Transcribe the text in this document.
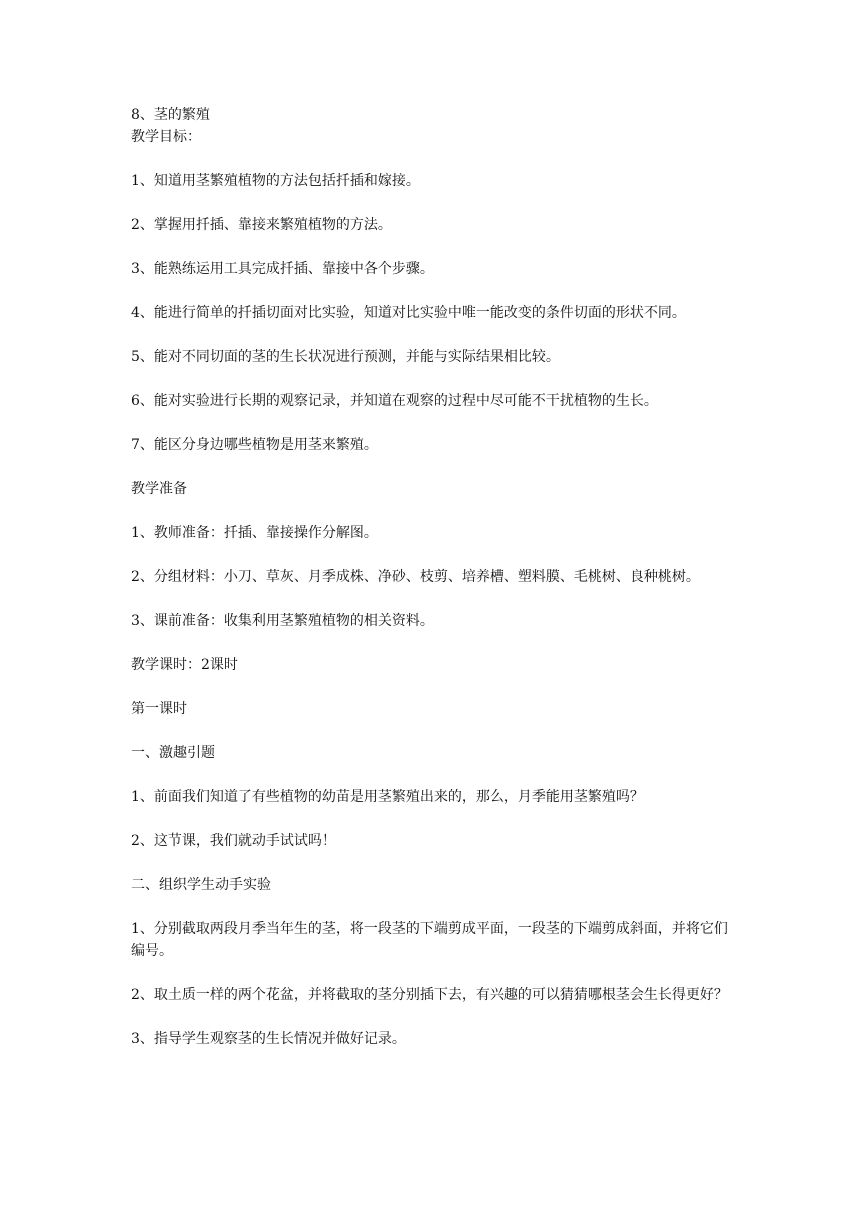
8、茎的繁殖

教学目标：

1、知道用茎繁殖植物的方法包括扦插和嫁接。

2、掌握用扦插、靠接来繁殖植物的方法。

3、能熟练运用工具完成扦插、靠接中各个步骤。

4、能进行简单的扦插切面对比实验，知道对比实验中唯一能改变的条件切面的形状不同。

5、能对不同切面的茎的生长状况进行预测，并能与实际结果相比较。

6、能对实验进行长期的观察记录，并知道在观察的过程中尽可能不干扰植物的生长。

7、能区分身边哪些植物是用茎来繁殖。

教学准备

1、教师准备：扦插、靠接操作分解图。

2、分组材料：小刀、草灰、月季成株、净砂、枝剪、培养槽、塑料膜、毛桃树、良种桃树。

3、课前准备：收集利用茎繁殖植物的相关资料。

教学课时：2课时

第一课时

一、激趣引题

1、前面我们知道了有些植物的幼苗是用茎繁殖出来的，那么，月季能用茎繁殖吗？

2、这节课，我们就动手试试吗！

二、组织学生动手实验

1、分别截取两段月季当年生的茎，将一段茎的下端剪成平面，一段茎的下端剪成斜面，并将它们编号。

2、取土质一样的两个花盆，并将截取的茎分别插下去，有兴趣的可以猜猜哪根茎会生长得更好？

3、指导学生观察茎的生长情况并做好记录。
